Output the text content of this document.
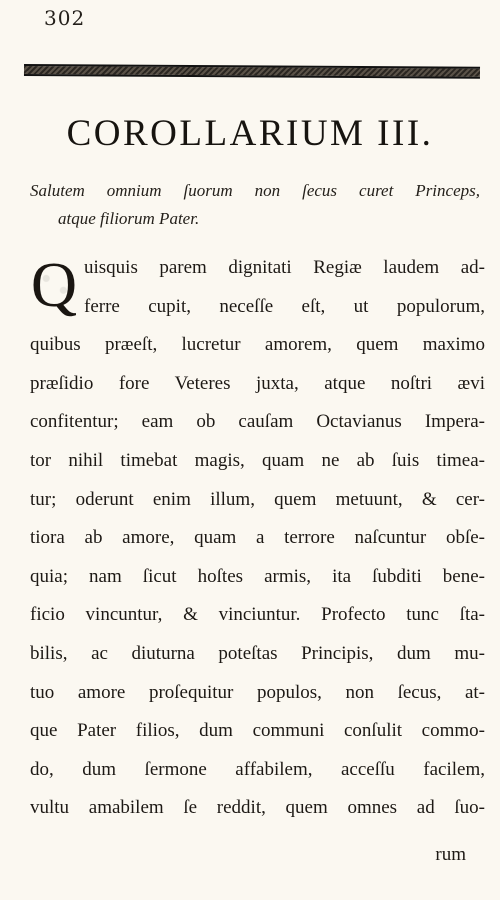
302
COROLLARIUM III.
Salutem omnium ſuorum non ſecus curet Princeps,
atque filiorum Pater.
Q uisquis parem dignitati Regiæ laudem ad-
ferre cupit, neceſſe eſt, ut populorum,
quibus præeſt, lucretur amorem, quem maximo
præſidio fore Veteres juxta, atque noſtri ævi
confitentur; eam ob cauſam Octavianus Impera-
tor nihil timebat magis, quam ne ab ſuis timea-
tur; oderunt enim illum, quem metuunt, & cer-
tiora ab amore, quam a terrore naſcuntur obſe-
quia; nam ſicut hoſtes armis, ita ſubditi bene-
ficio vincuntur, & vinciuntur. Profecto tunc ſta-
bilis, ac diuturna poteſtas Principis, dum mu-
tuo amore proſequitur populos, non ſecus, at-
que Pater filios, dum communi conſulit commo-
do, dum ſermone affabilem, acceſſu facilem,
vultu amabilem ſe reddit, quem omnes ad ſuo-
rum
